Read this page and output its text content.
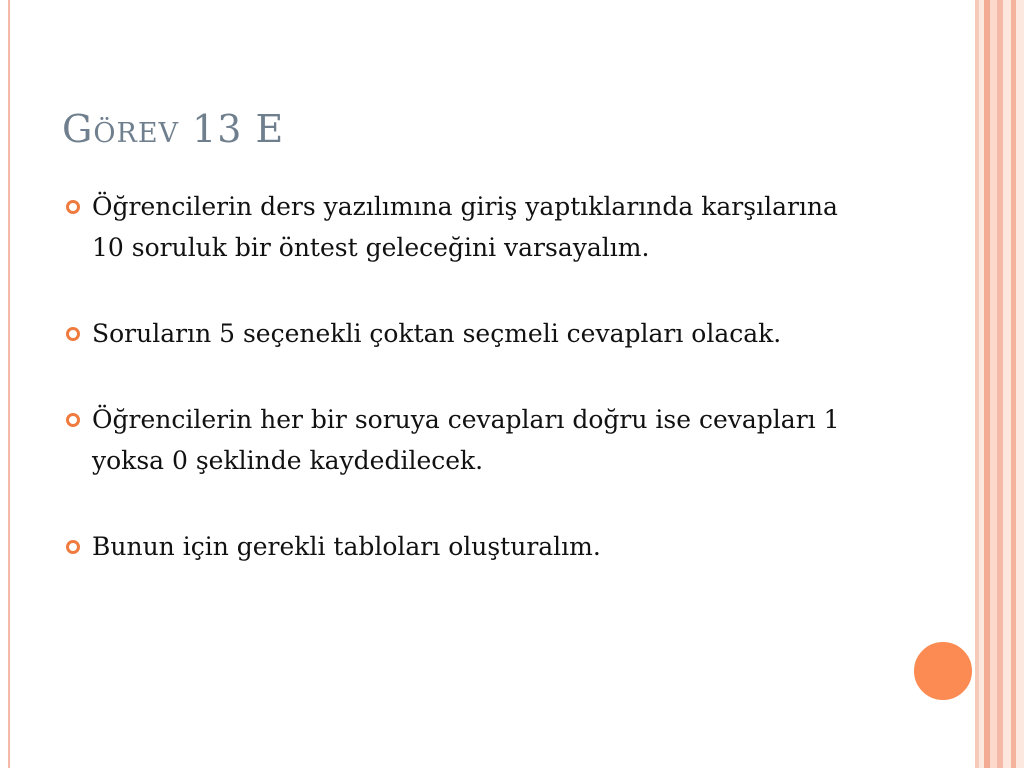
Görev 13 E
Öğrencilerin ders yazılımına giriş yaptıklarında karşılarına 10 soruluk bir öntest geleceğini varsayalım.
Soruların 5 seçenekli çoktan seçmeli cevapları olacak.
Öğrencilerin her bir soruya cevapları doğru ise cevapları 1 yoksa 0 şeklinde kaydedilecek.
Bunun için gerekli tabloları oluşturalım.
